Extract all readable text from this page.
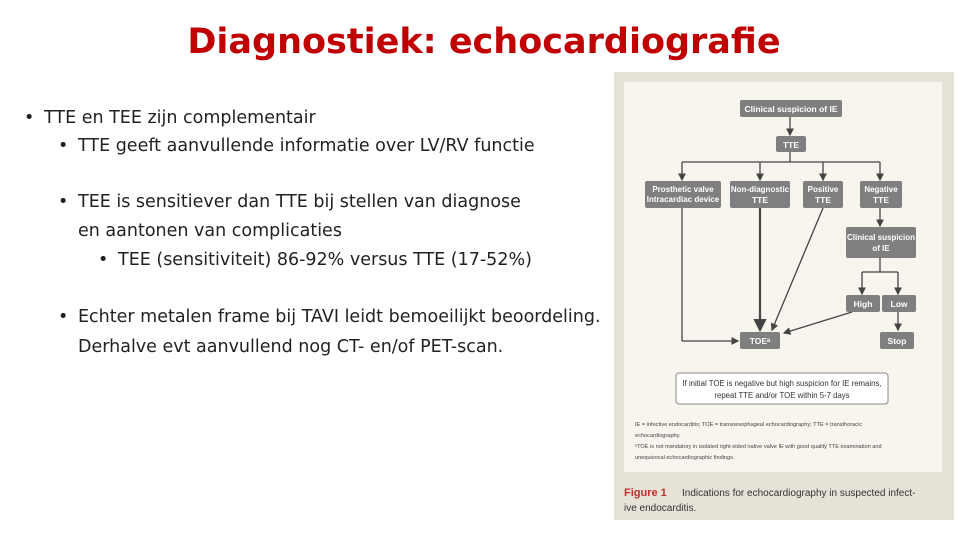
Diagnostiek: echocardiografie
• TTE en TEE zijn complementair
• TTE geeft aanvullende informatie over LV/RV functie
• TEE is sensitiever dan TTE bij stellen van diagnose
en aantonen van complicaties
• TEE (sensitiviteit) 86-92% versus TTE (17-52%)
• Echter metalen frame bij TAVI leidt bemoeilijkt beoordeling.
Derhalve evt aanvullend nog CT- en/of PET-scan.
Clinical suspicion of IE
TTE
Prosthetic valve
Intracardiac device
Non-diagnostic
TTE
Positive
TTE
Negative
TTE
Clinical suspicion
of IE
High Low
TOEᵃ	Stop
If initial TOE is negative but high suspicion for IE remains,
repeat TTE and/or TOE within 5-7 days
IE = infective endocarditis; TOE = transoesophageal echocardiography; TTE = transthoracic
echocardiography.
ᵃTOE is not mandatory in isolated right-sided native valve IE with good quality TTE examination and
unequivocal echocardiographic findings.
Figure 1 Indications for echocardiography in suspected infect-
ive endocarditis.
